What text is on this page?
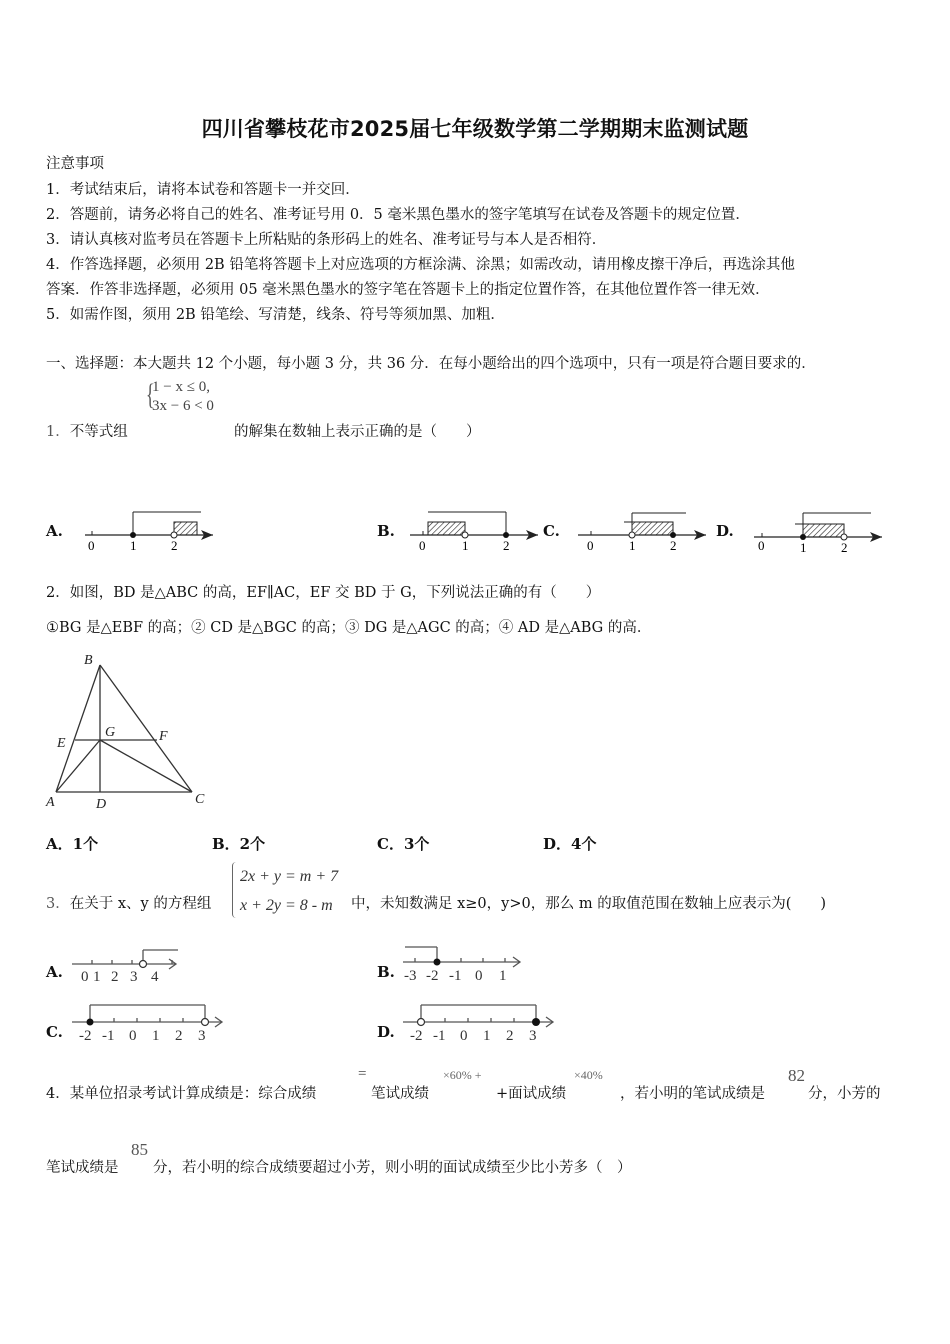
四川省攀枝花市2025届七年级数学第二学期期末监测试题
注意事项
1．考试结束后，请将本试卷和答题卡一并交回．
2．答题前，请务必将自己的姓名、准考证号用 0．5 毫米黑色墨水的签字笔填写在试卷及答题卡的规定位置．
3．请认真核对监考员在答题卡上所粘贴的条形码上的姓名、准考证号与本人是否相符．
4．作答选择题，必须用 2B 铅笔将答题卡上对应选项的方框涂满、涂黑；如需改动，请用橡皮擦干净后，再选涂其他
答案．作答非选择题，必须用 05 毫米黑色墨水的签字笔在答题卡上的指定位置作答，在其他位置作答一律无效．
5．如需作图，须用 2B 铅笔绘、写清楚，线条、符号等须加黑、加粗．
一、选择题：本大题共 12 个小题，每小题 3 分，共 36 分．在每小题给出的四个选项中，只有一项是符合题目要求的．
{
1 − x ≤ 0,
3x − 6 < 0
1．不等式组	的解集在数轴上表示正确的是（　　）
A.
0	1	2
B.
0	1	2
C.
0	1	2
D.
0	1	2
2．如图，BD 是△ABC 的高，EF∥AC，EF 交 BD 于 G，下列说法正确的有（　　）
①BG 是△EBF 的高；② CD 是△BGC 的高；③ DG 是△AGC 的高；④ AD 是△ABG 的高．
B
E
G	F
A	D	C
A．1个	B．2个	C．3个	D．4个
3．在关于 x、y 的方程组
2x + y = m + 7
x + 2y = 8 - m	中，未知数满足 x≥0，y>0，那么 m 的取值范围在数轴上应表示为(　　)
A. 0 1 2 3 4	B. -3 -2 -1 0 1
C. -2 -1 0 1 2 3	D. -2 -1 0 1 2 3
4．某单位招录考试计算成绩是：综合成绩
=
笔试成绩
×60% +
+面试成绩
×40%
，若小明的笔试成绩是
82
分，小芳的
笔试成绩是
85
分，若小明的综合成绩要超过小芳，则小明的面试成绩至少比小芳多（　）
